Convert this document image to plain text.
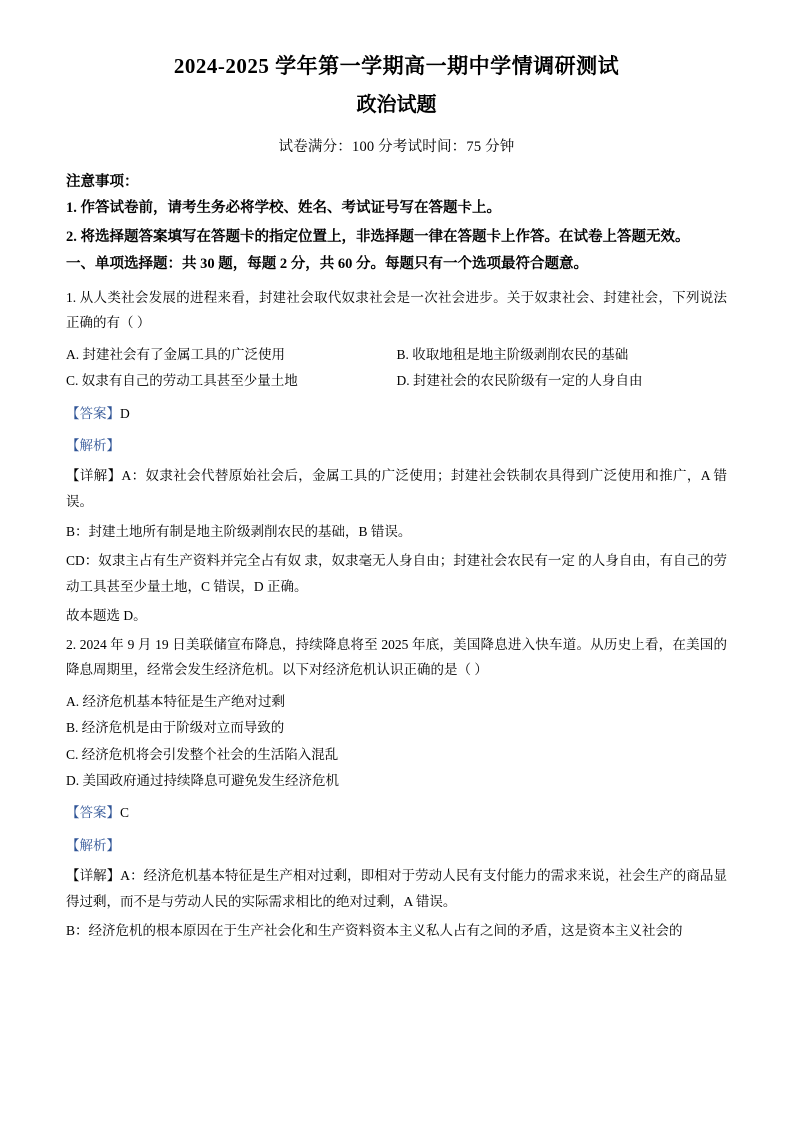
2024-2025 学年第一学期高一期中学情调研测试
政治试题
试卷满分：100 分考试时间：75 分钟
注意事项：
1. 作答试卷前，请考生务必将学校、姓名、考试证号写在答题卡上。
2. 将选择题答案填写在答题卡的指定位置上，非选择题一律在答题卡上作答。在试卷上答题无效。
一、单项选择题：共 30 题，每题 2 分，共 60 分。每题只有一个选项最符合题意。
1. 从人类社会发展的进程来看，封建社会取代奴隶社会是一次社会进步。关于奴隶社会、封建社会，下列说法正确的有（ ）
A. 封建社会有了金属工具的广泛使用	B. 收取地租是地主阶级剥削农民的基础
C. 奴隶有自己的劳动工具甚至少量土地	D. 封建社会的农民阶级有一定的人身自由
【答案】D
【解析】
【详解】A：奴隶社会代替原始社会后，金属工具的广泛使用；封建社会铁制农具得到广泛使用和推广，A 错误。
B：封建土地所有制是地主阶级剥削农民的基础，B 错误。
CD：奴隶主占有生产资料并完全占有奴 隶，奴隶毫无人身自由；封建社会农民有一定 的人身自由，有自己的劳动工具甚至少量土地，C 错误，D 正确。
故本题选 D。
2. 2024 年 9 月 19 日美联储宣布降息，持续降息将至 2025 年底，美国降息进入快车道。从历史上看，在美国的降息周期里，经常会发生经济危机。以下对经济危机认识正确的是（ ）
A. 经济危机基本特征是生产绝对过剩
B. 经济危机是由于阶级对立而导致的
C. 经济危机将会引发整个社会的生活陷入混乱
D. 美国政府通过持续降息可避免发生经济危机
【答案】C
【解析】
【详解】A：经济危机基本特征是生产相对过剩，即相对于劳动人民有支付能力的需求来说，社会生产的商品显得过剩，而不是与劳动人民的实际需求相比的绝对过剩，A 错误。
B：经济危机的根本原因在于生产社会化和生产资料资本主义私人占有之间的矛盾，这是资本主义社会的
